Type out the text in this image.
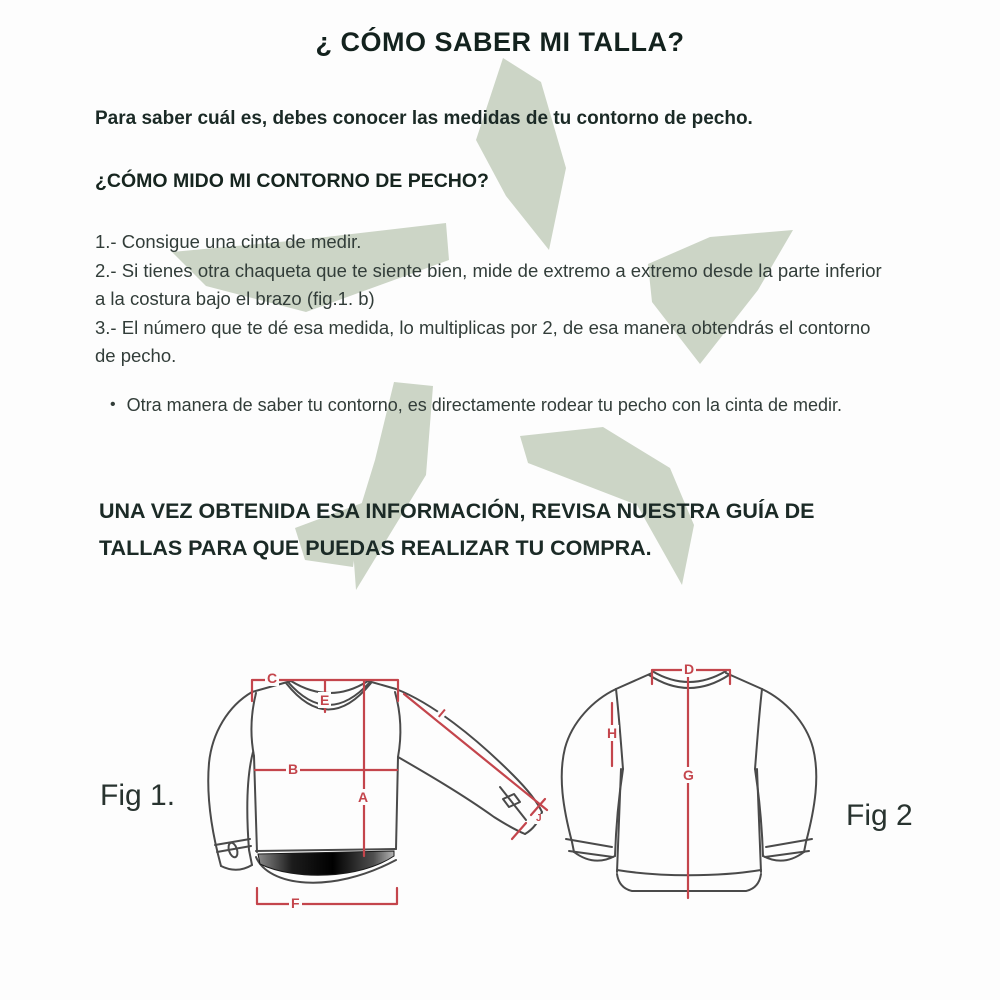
¿ CÓMO SABER MI TALLA?
Para saber cuál es, debes conocer las medidas de tu contorno de pecho.
¿CÓMO MIDO MI CONTORNO DE PECHO?
1.- Consigue una cinta de medir.
2.- Si tienes otra chaqueta que te siente bien, mide de extremo a extremo desde la parte inferior a la costura bajo el brazo (fig.1. b)
3.- El número que te dé esa medida, lo multiplicas por 2, de esa manera obtendrás el contorno de pecho.
• Otra manera de saber tu contorno, es directamente rodear tu pecho con la cinta de medir.
UNA VEZ OBTENIDA ESA INFORMACIÓN, REVISA NUESTRA GUÍA DE TALLAS PARA QUE PUEDAS REALIZAR TU COMPRA.
Fig 1.
Fig 2
C
E
I
B
A
J
F
D
H
G
